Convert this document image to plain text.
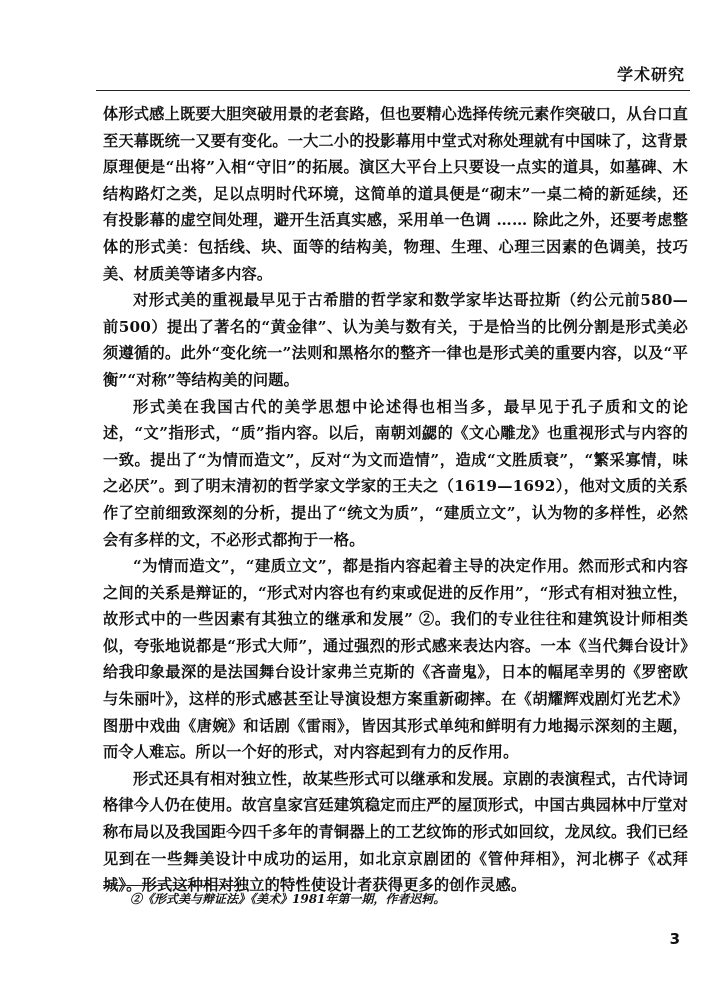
学术研究

体形式感上既要大胆突破用景的老套路，但也要精心选择传统元素作突破口，从台口直至天幕既统一又要有变化。一大二小的投影幕用中堂式对称处理就有中国味了，这背景原理便是“出将”入相“守旧”的拓展。演区大平台上只要设一点实的道具，如墓碑、木结构路灯之类，足以点明时代环境，这简单的道具便是“砌末”一桌二椅的新延续，还有投影幕的虚空间处理，避开生活真实感，采用单一色调 …… 除此之外，还要考虑整体的形式美：包括线、块、面等的结构美，物理、生理、心理三因素的色调美，技巧美、材质美等诸多内容。

对形式美的重视最早见于古希腊的哲学家和数学家毕达哥拉斯（约公元前580—前500）提出了著名的“黄金律”、认为美与数有关，于是恰当的比例分割是形式美必须遵循的。此外“变化统一”法则和黑格尔的整齐一律也是形式美的重要内容，以及“平衡”“对称”等结构美的问题。

形式美在我国古代的美学思想中论述得也相当多，最早见于孔子质和文的论述，“文”指形式，“质”指内容。以后，南朝刘勰的《文心雕龙》也重视形式与内容的一致。提出了“为情而造文”，反对“为文而造情”，造成“文胜质衰”，“繁采寡情，味之必厌”。到了明末清初的哲学家文学家的王夫之（1619—1692），他对文质的关系作了空前细致深刻的分析，提出了“统文为质”，“建质立文”，认为物的多样性，必然会有多样的文，不必形式都拘于一格。

“为情而造文”，“建质立文”，都是指内容起着主导的决定作用。然而形式和内容之间的关系是辩证的，“形式对内容也有约束或促进的反作用”，“形式有相对独立性，故形式中的一些因素有其独立的继承和发展” ②。我们的专业往往和建筑设计师相类似，夸张地说都是“形式大师”，通过强烈的形式感来表达内容。一本《当代舞台设计》给我印象最深的是法国舞台设计家弗兰克斯的《吝啬鬼》，日本的幅尾幸男的《罗密欧与朱丽叶》，这样的形式感甚至让导演设想方案重新砌摔。在《胡耀辉戏剧灯光艺术》图册中戏曲《唐婉》和话剧《雷雨》，皆因其形式单纯和鲜明有力地揭示深刻的主题，而令人难忘。所以一个好的形式，对内容起到有力的反作用。

形式还具有相对独立性，故某些形式可以继承和发展。京剧的表演程式，古代诗词格律今人仍在使用。故宫皇家宫廷建筑稳定而庄严的屋顶形式，中国古典园林中厅堂对称布局以及我国距今四千多年的青铜器上的工艺纹饰的形式如回纹，龙凤纹。我们已经见到在一些舞美设计中成功的运用，如北京京剧团的《管仲拜相》，河北梆子《忒拜城》。形式这种相对独立的特性使设计者获得更多的创作灵感。

②《形式美与辩证法》《美术》1981年第一期，作者迟轲。
3
